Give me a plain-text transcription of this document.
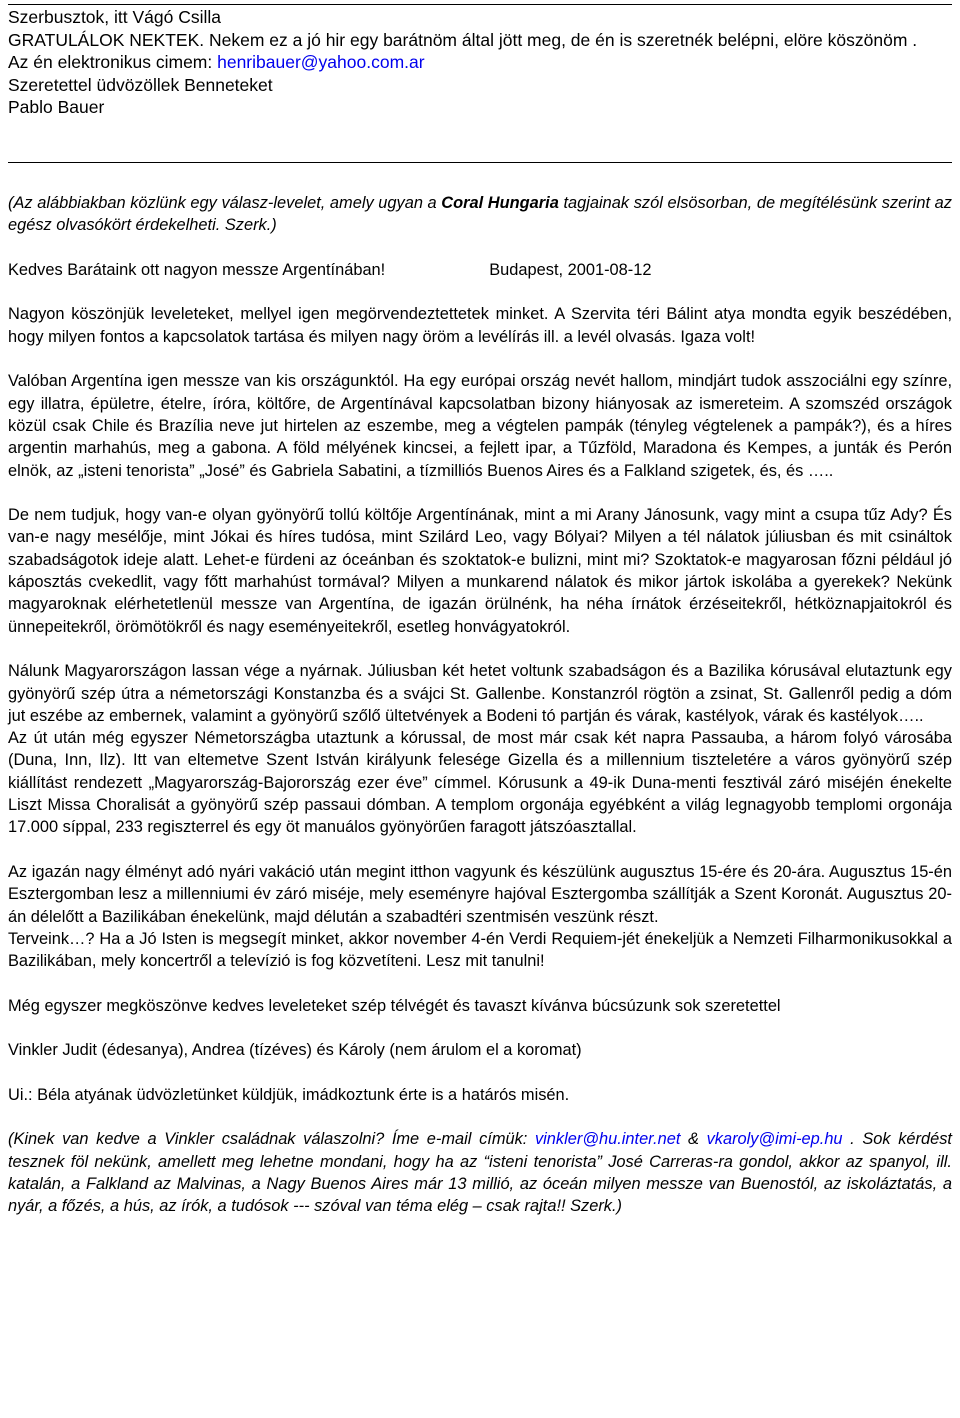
Szerbusztok, itt Vágó Csilla

GRATULÁLOK NEKTEK. Nekem ez a jó hir egy barátnöm által jött meg, de én is szeretnék belépni, elöre köszönöm .

Az én elektronikus cimem: henribauer@yahoo.com.ar

Szeretettel üdvözöllek Benneteket

Pablo Bauer

(Az alábbiakban közlünk egy válasz-levelet, amely ugyan a Coral Hungaria tagjainak szól elsösorban, de megítélésünk szerint az egész olvasókört érdekelheti. Szerk.)

Kedves Barátaink ott nagyon messze Argentínában!	Budapest, 2001-08-12

Nagyon köszönjük leveleteket, mellyel igen megörvendeztettetek minket. A Szervita téri Bálint atya mondta egyik beszédében, hogy milyen fontos a kapcsolatok tartása és milyen nagy öröm a levélírás ill. a levél olvasás. Igaza volt!

Valóban Argentína igen messze van kis országunktól. Ha egy európai ország nevét hallom, mindjárt tudok asszociálni egy színre, egy illatra, épületre, ételre, íróra, költőre, de Argentínával kapcsolatban bizony hiányosak az ismereteim. A szomszéd országok közül csak Chile és Brazília neve jut hirtelen az eszembe, meg a végtelen pampák (tényleg végtelenek a pampák?), és a híres argentin marhahús, meg a gabona. A föld mélyének kincsei, a fejlett ipar, a Tűzföld, Maradona és Kempes, a junták és Perón elnök, az „isteni tenorista” „José” és Gabriela Sabatini, a tízmilliós Buenos Aires és a Falkland szigetek, és, és …..

De nem tudjuk, hogy van-e olyan gyönyörű tollú költője Argentínának, mint a mi Arany Jánosunk, vagy mint a csupa tűz Ady? És van-e nagy mesélője, mint Jókai és híres tudósa, mint Szilárd Leo, vagy Bólyai? Milyen a tél nálatok júliusban és mit csináltok szabadságotok ideje alatt. Lehet-e fürdeni az óceánban és szoktatok-e bulizni, mint mi? Szoktatok-e magyarosan főzni például jó káposztás cvekedlit, vagy főtt marhahúst tormával? Milyen a munkarend nálatok és mikor jártok iskolába a gyerekek? Nekünk magyaroknak elérhetetlenül messze van Argentína, de igazán örülnénk, ha néha írnátok érzéseitekről, hétköznapjaitokról és ünnepeitekről, örömötökről és nagy eseményeitekről, esetleg honvágyatokról.

Nálunk Magyarországon lassan vége a nyárnak. Júliusban két hetet voltunk szabadságon és a Bazilika kórusával elutaztunk egy gyönyörű szép útra a németországi Konstanzba és a svájci St. Gallenbe. Konstanzról rögtön a zsinat, St. Gallenről pedig a dóm jut eszébe az embernek, valamint a gyönyörű szőlő ültetvények a Bodeni tó partján és várak, kastélyok, várak és kastélyok…..

Az út után még egyszer Németországba utaztunk a kórussal, de most már csak két napra Passauba, a három folyó városába (Duna, Inn, Ilz). Itt van eltemetve Szent István királyunk felesége Gizella és a millennium tiszteletére a város gyönyörű szép kiállítást rendezett „Magyarország-Bajorország ezer éve” címmel. Kórusunk a 49-ik Duna-menti fesztivál záró miséjén énekelte Liszt Missa Choralisát a gyönyörű szép passaui dómban. A templom orgonája egyébként a világ legnagyobb templomi orgonája 17.000 síppal, 233 regiszterrel és egy öt manuálos gyönyörűen faragott játszóasztallal.

Az igazán nagy élményt adó nyári vakáció után megint itthon vagyunk és készülünk augusztus 15-ére és 20-ára. Augusztus 15-én Esztergomban lesz a millenniumi év záró miséje, mely eseményre hajóval Esztergomba szállítják a Szent Koronát. Augusztus 20-án délelőtt a Bazilikában énekelünk, majd délután a szabadtéri szentmisén veszünk részt.

Terveink…? Ha a Jó Isten is megsegít minket, akkor november 4-én Verdi Requiem-jét énekeljük a Nemzeti Filharmonikusokkal a Bazilikában, mely koncertről a televízió is fog közvetíteni. Lesz mit tanulni!

Még egyszer megköszönve kedves leveleteket szép télvégét és tavaszt kívánva búcsúzunk sok szeretettel

Vinkler Judit (édesanya), Andrea (tízéves) és Károly (nem árulom el a koromat)

Ui.: Béla atyának üdvözletünket küldjük, imádkoztunk érte is a határós misén.

(Kinek van kedve a Vinkler családnak válaszolni? Íme e-mail címük: vinkler@hu.inter.net & vkaroly@imi-ep.hu . Sok kérdést tesznek föl nekünk, amellett meg lehetne mondani, hogy ha az “isteni tenorista” José Carreras-ra gondol, akkor az spanyol, ill. katalán, a Falkland az Malvinas, a Nagy Buenos Aires már 13 millió, az óceán milyen messze van Buenostól, az iskoláztatás, a nyár, a főzés, a hús, az írók, a tudósok --- szóval van téma elég – csak rajta!! Szerk.)
